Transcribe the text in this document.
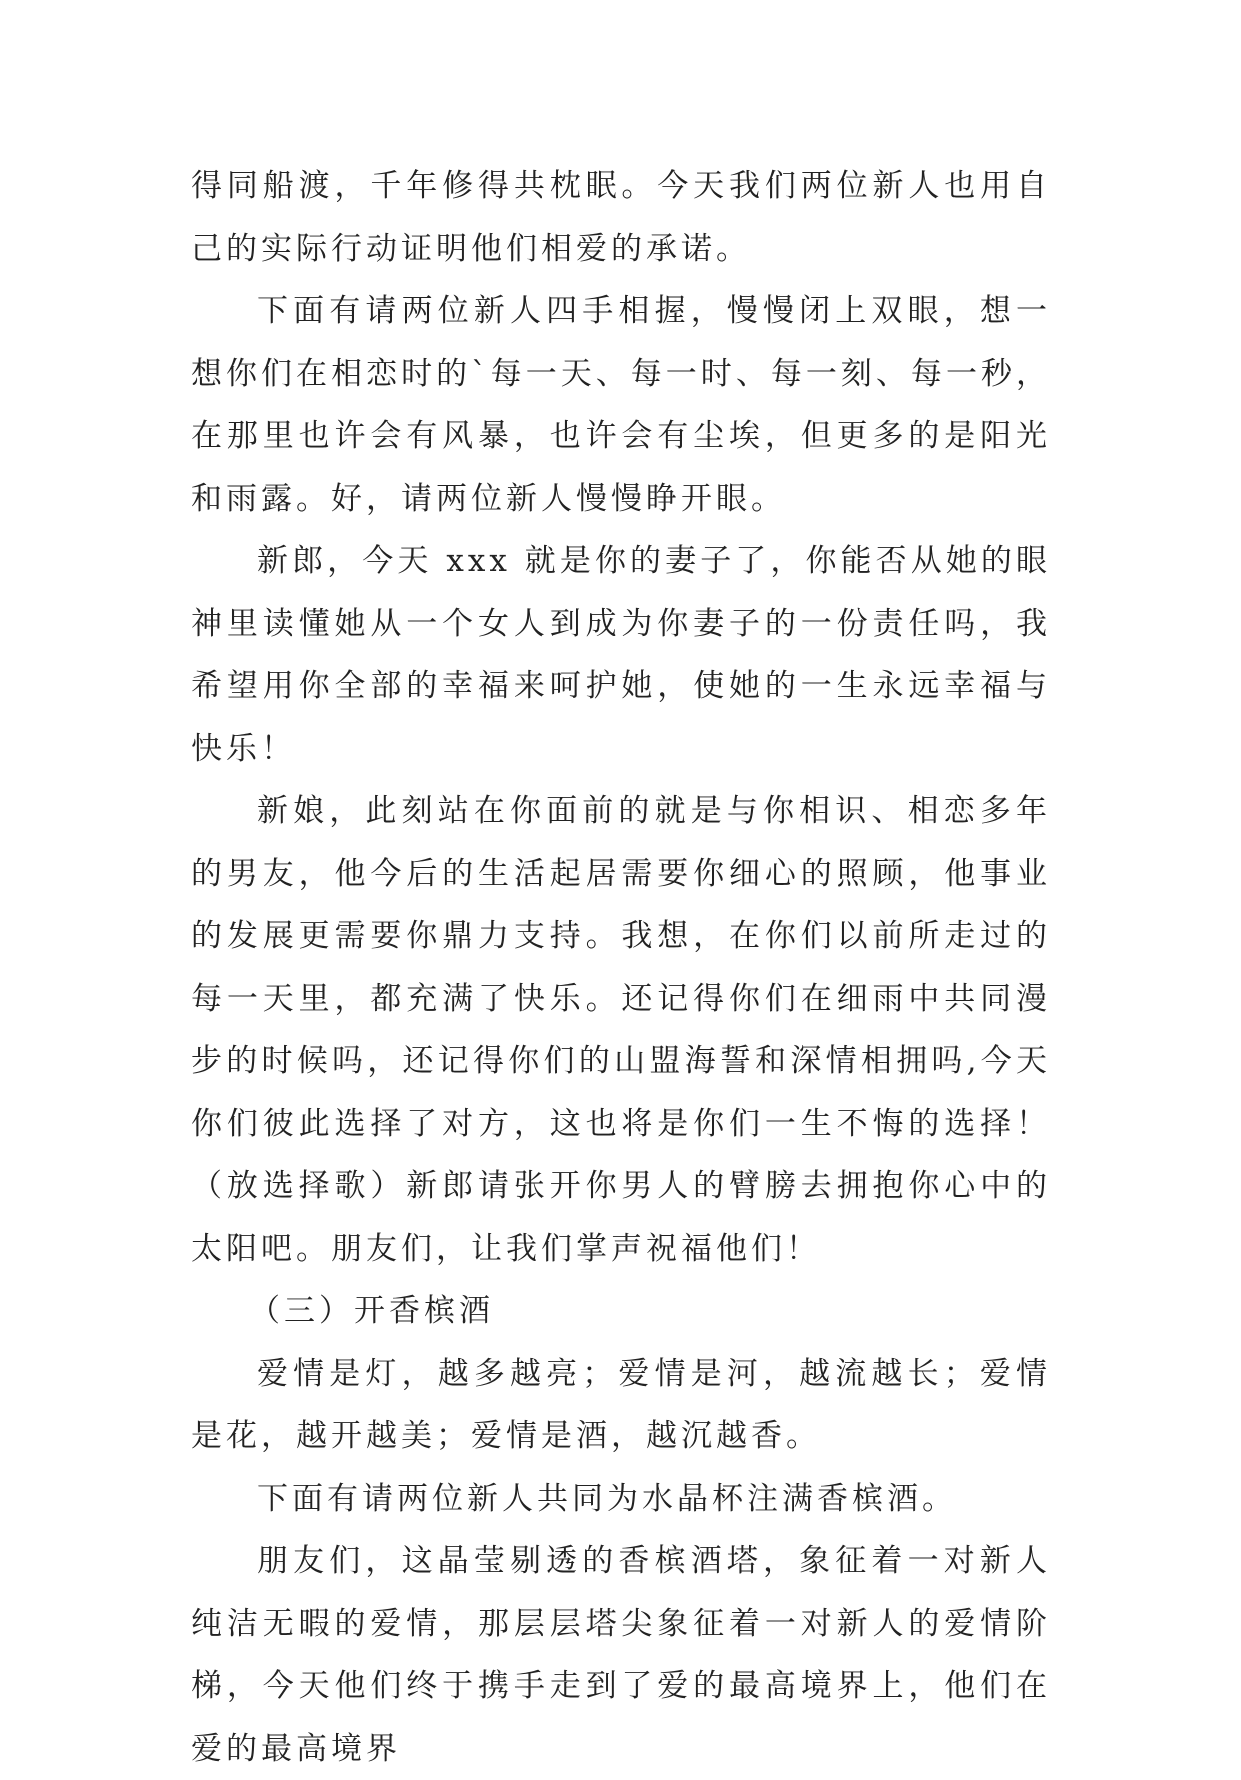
得同船渡，千年修得共枕眠。今天我们两位新人也用自己的实际行动证明他们相爱的承诺。

下面有请两位新人四手相握，慢慢闭上双眼，想一想你们在相恋时的`每一天、每一时、每一刻、每一秒，在那里也许会有风暴，也许会有尘埃，但更多的是阳光和雨露。好，请两位新人慢慢睁开眼。

新郎，今天 xxx 就是你的妻子了，你能否从她的眼神里读懂她从一个女人到成为你妻子的一份责任吗，我希望用你全部的幸福来呵护她，使她的一生永远幸福与快乐！

新娘，此刻站在你面前的就是与你相识、相恋多年的男友，他今后的生活起居需要你细心的照顾，他事业的发展更需要你鼎力支持。我想，在你们以前所走过的每一天里，都充满了快乐。还记得你们在细雨中共同漫步的时候吗，还记得你们的山盟海誓和深情相拥吗,今天你们彼此选择了对方，这也将是你们一生不悔的选择！（放选择歌）新郎请张开你男人的臂膀去拥抱你心中的太阳吧。朋友们，让我们掌声祝福他们！

（三）开香槟酒

爱情是灯，越多越亮；爱情是河，越流越长；爱情是花，越开越美；爱情是酒，越沉越香。

下面有请两位新人共同为水晶杯注满香槟酒。

朋友们，这晶莹剔透的香槟酒塔，象征着一对新人纯洁无暇的爱情，那层层塔尖象征着一对新人的爱情阶梯，今天他们终于携手走到了爱的最高境界上，他们在爱的最高境界
